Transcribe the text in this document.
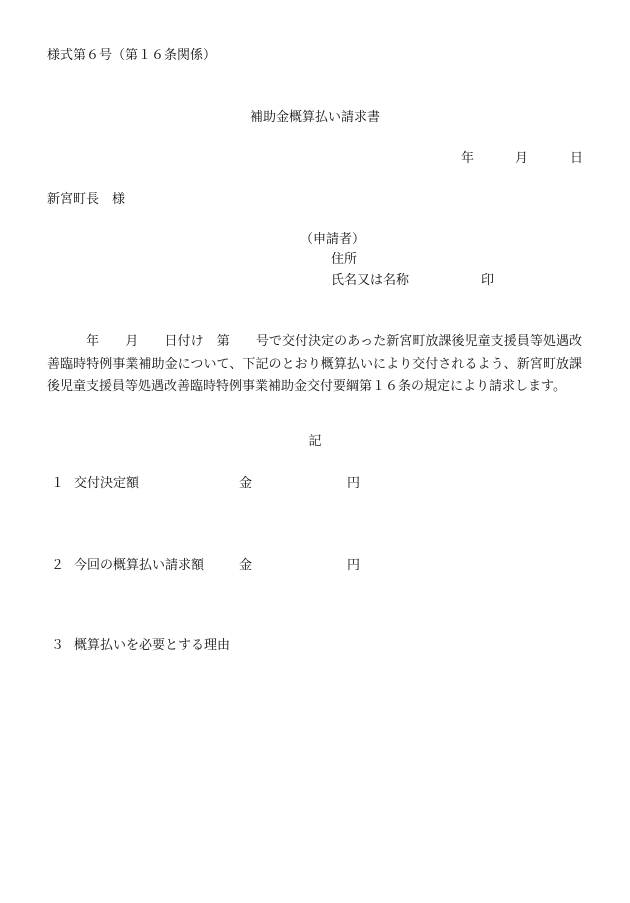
様式第６号（第１６条関係）
補助金概算払い請求書
年	月	日
新宮町長　様
（申請者）
住所
氏名又は名称	印
　　　年　　月　　日付け　第　　号で交付決定のあった新宮町放課後児童支援員等処遇改善臨時特例事業補助金について、下記のとおり概算払いにより交付されるよう、新宮町放課後児童支援員等処遇改善臨時特例事業補助金交付要綱第１６条の規定により請求します。
記
１ 交付決定額	金	円
２ 今回の概算払い請求額	金	円
３ 概算払いを必要とする理由
